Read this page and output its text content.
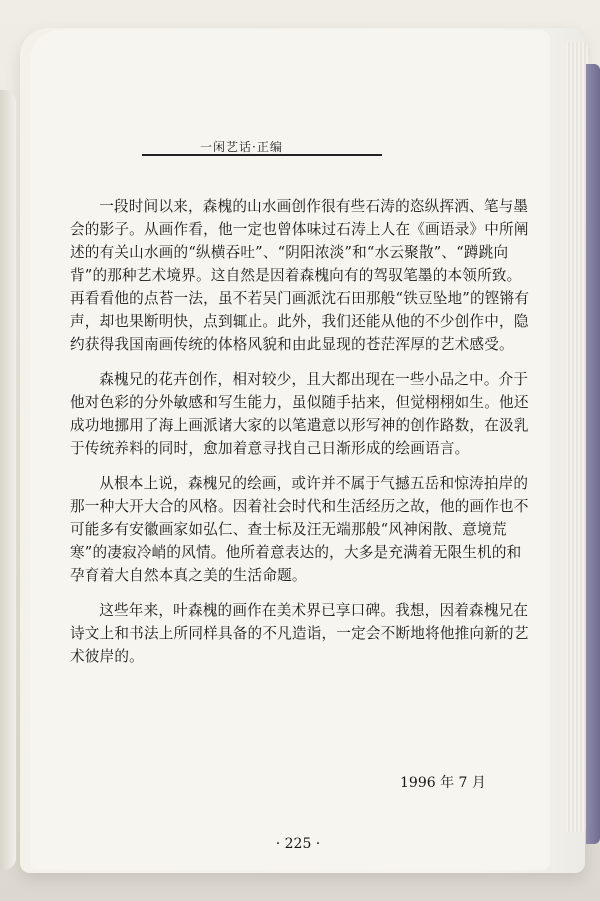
一闲艺话·正编

一段时间以来，森槐的山水画创作很有些石涛的恣纵挥洒、笔与墨会的影子。从画作看，他一定也曾体味过石涛上人在《画语录》中所阐述的有关山水画的“纵横吞吐”、“阴阳浓淡”和“水云聚散”、“蹲跳向背”的那种艺术境界。这自然是因着森槐向有的驾驭笔墨的本领所致。再看看他的点苔一法，虽不若吴门画派沈石田那般“铁豆坠地”的铿锵有声，却也果断明快，点到辄止。此外，我们还能从他的不少创作中，隐约获得我国南画传统的体格风貌和由此显现的苍茫浑厚的艺术感受。

森槐兄的花卉创作，相对较少，且大都出现在一些小品之中。介于他对色彩的分外敏感和写生能力，虽似随手拈来，但觉栩栩如生。他还成功地挪用了海上画派诸大家的以笔遣意以形写神的创作路数，在汲乳于传统养料的同时，愈加着意寻找自己日渐形成的绘画语言。

从根本上说，森槐兄的绘画，或许并不属于气撼五岳和惊涛拍岸的那一种大开大合的风格。因着社会时代和生活经历之故，他的画作也不可能多有安徽画家如弘仁、查士标及汪无端那般“风神闲散、意境荒寒”的凄寂冷峭的风情。他所着意表达的，大多是充满着无限生机的和孕育着大自然本真之美的生活命题。

这些年来，叶森槐的画作在美术界已享口碑。我想，因着森槐兄在诗文上和书法上所同样具备的不凡造诣，一定会不断地将他推向新的艺术彼岸的。

1996 年 7 月
· 225 ·
